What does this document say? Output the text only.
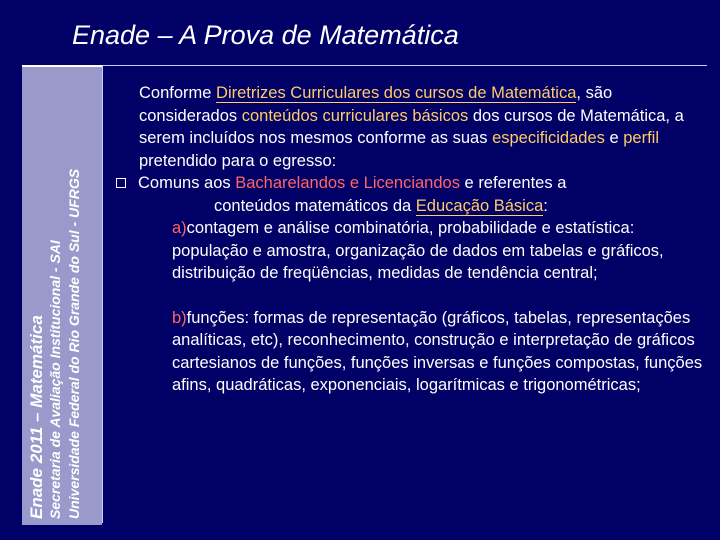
Enade – A Prova de Matemática
Enade 2011 – Matemática Secretaria de Avaliação Institucional - SAI Universidade Federal do Rio Grande do Sul - UFRGS

Conforme Diretrizes Curriculares dos cursos de Matemática, são considerados conteúdos curriculares básicos dos cursos de Matemática, a serem incluídos nos mesmos conforme as suas especificidades e perfil pretendido para o egresso:

Comuns aos Bacharelandos e Licenciandos e referentes a
conteúdos matemáticos da Educação Básica:
a)contagem e análise combinatória, probabilidade e estatística: população e amostra, organização de dados em tabelas e gráficos, distribuição de freqüências, medidas de tendência central;
b)funções: formas de representação (gráficos, tabelas, representações analíticas, etc), reconhecimento, construção e interpretação de gráficos cartesianos de funções, funções inversas e funções compostas, funções afins, quadráticas, exponenciais, logarítmicas e trigonométricas;
